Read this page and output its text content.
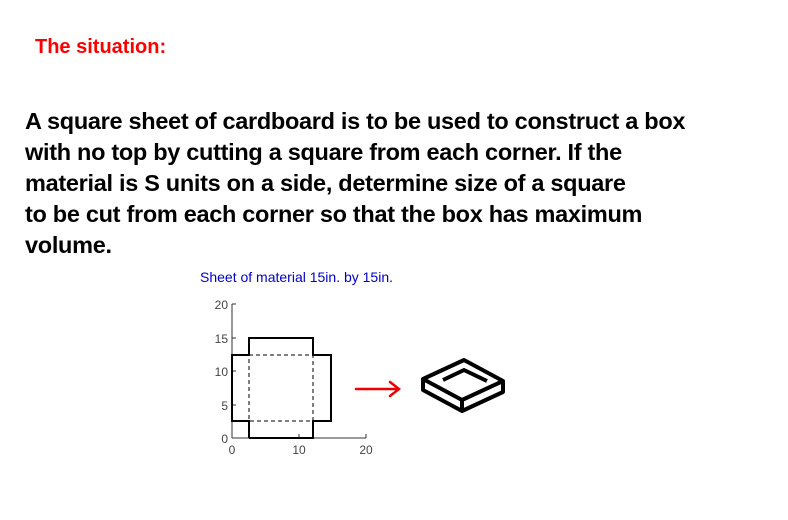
The situation:
A square sheet of cardboard is to be used to construct a box
with no top by cutting a square from each corner. If the
material is S units on a side, determine size of a square
to be cut from each corner so that the box has maximum
volume.
Sheet of material 15in. by 15in.
20
15
10
5
0
0	10	20
